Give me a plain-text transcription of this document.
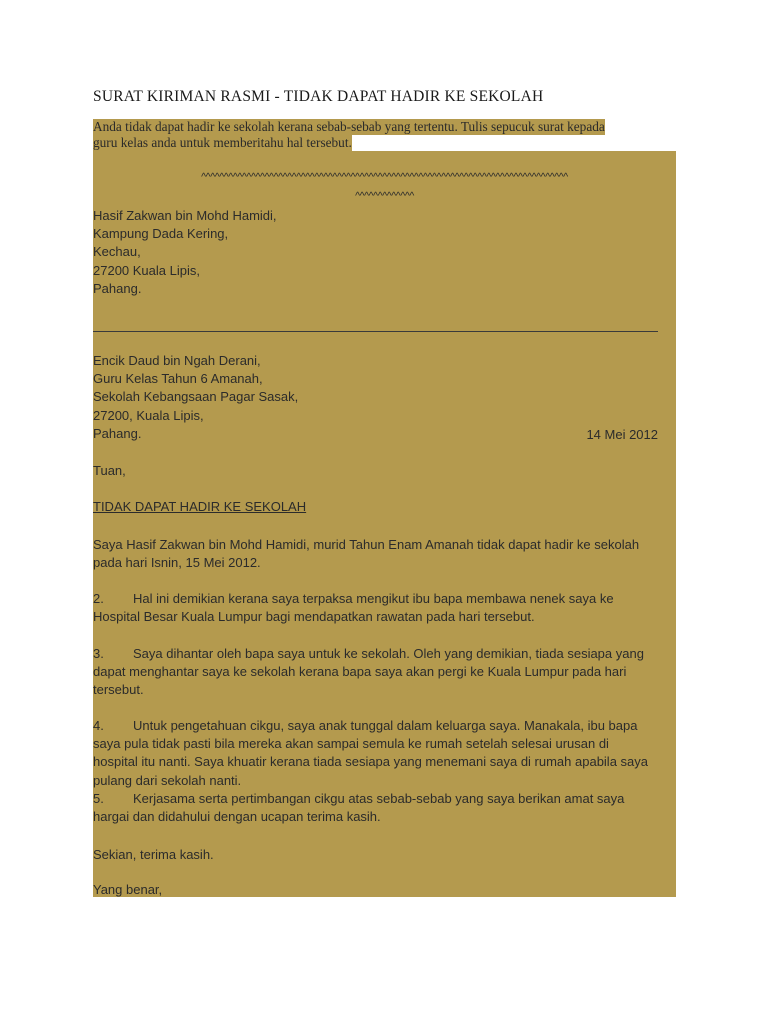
SURAT KIRIMAN RASMI - TIDAK DAPAT HADIR KE SEKOLAH
Anda tidak dapat hadir ke sekolah kerana sebab-sebab yang tertentu. Tulis sepucuk surat kepada
guru kelas anda untuk memberitahu hal tersebut.
^^^^^^^^^^^^^^^^^^^^^^^^^^^^^^^^^^^^^^^^^^^^^^^^^^^^^^^^^^^^^^^^^^^^^^^^^^^^^^^^^
^^^^^^^^^^^^^
Hasif Zakwan bin Mohd Hamidi,
Kampung Dada Kering,
Kechau,
27200 Kuala Lipis,
Pahang.
Encik Daud bin Ngah Derani,
Guru Kelas Tahun 6 Amanah,
Sekolah Kebangsaan Pagar Sasak,
27200, Kuala Lipis,
Pahang.	14 Mei 2012
Tuan,
TIDAK DAPAT HADIR KE SEKOLAH
Saya Hasif Zakwan bin Mohd Hamidi, murid Tahun Enam Amanah tidak dapat hadir ke sekolah
pada hari Isnin, 15 Mei 2012.
2. Hal ini demikian kerana saya terpaksa mengikut ibu bapa membawa nenek saya ke
Hospital Besar Kuala Lumpur bagi mendapatkan rawatan pada hari tersebut.
3. Saya dihantar oleh bapa saya untuk ke sekolah. Oleh yang demikian, tiada sesiapa yang
dapat menghantar saya ke sekolah kerana bapa saya akan pergi ke Kuala Lumpur pada hari
tersebut.
4. Untuk pengetahuan cikgu, saya anak tunggal dalam keluarga saya. Manakala, ibu bapa
saya pula tidak pasti bila mereka akan sampai semula ke rumah setelah selesai urusan di
hospital itu nanti. Saya khuatir kerana tiada sesiapa yang menemani saya di rumah apabila saya
pulang dari sekolah nanti.
5. Kerjasama serta pertimbangan cikgu atas sebab-sebab yang saya berikan amat saya
hargai dan didahului dengan ucapan terima kasih.
Sekian, terima kasih.
Yang benar,
